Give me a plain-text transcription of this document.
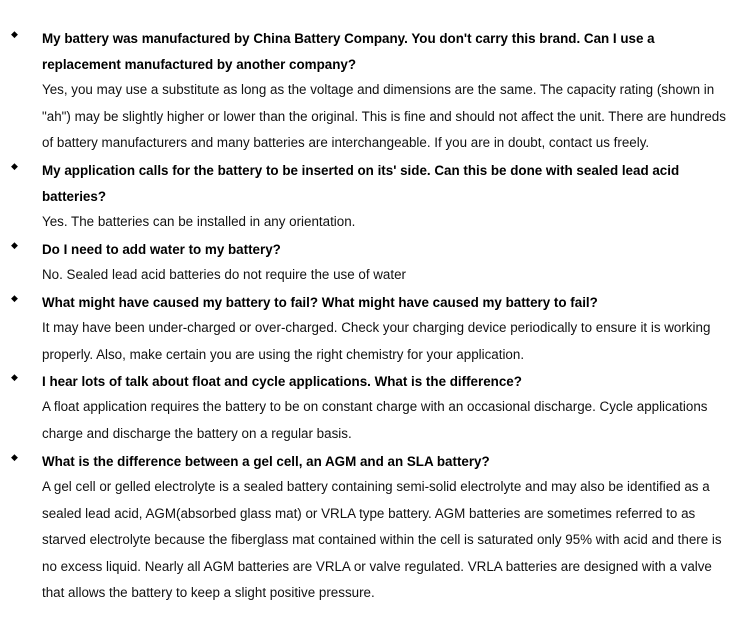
◆ My battery was manufactured by China Battery Company. You don't carry this brand. Can I use a replacement manufactured by another company?

Yes, you may use a substitute as long as the voltage and dimensions are the same. The capacity rating (shown in "ah") may be slightly higher or lower than the original. This is fine and should not affect the unit. There are hundreds of battery manufacturers and many batteries are interchangeable. If you are in doubt, contact us freely.

◆ My application calls for the battery to be inserted on its' side. Can this be done with sealed lead acid batteries?

Yes. The batteries can be installed in any orientation.

◆ Do I need to add water to my battery?

No. Sealed lead acid batteries do not require the use of water

◆ What might have caused my battery to fail? What might have caused my battery to fail?

It may have been under-charged or over-charged. Check your charging device periodically to ensure it is working properly. Also, make certain you are using the right chemistry for your application.

◆ I hear lots of talk about float and cycle applications. What is the difference?

A float application requires the battery to be on constant charge with an occasional discharge. Cycle applications charge and discharge the battery on a regular basis.

◆ What is the difference between a gel cell, an AGM and an SLA battery?

A gel cell or gelled electrolyte is a sealed battery containing semi-solid electrolyte and may also be identified as a sealed lead acid, AGM(absorbed glass mat) or VRLA type battery. AGM batteries are sometimes referred to as starved electrolyte because the fiberglass mat contained within the cell is saturated only 95% with acid and there is no excess liquid. Nearly all AGM batteries are VRLA or valve regulated. VRLA batteries are designed with a valve that allows the battery to keep a slight positive pressure.
